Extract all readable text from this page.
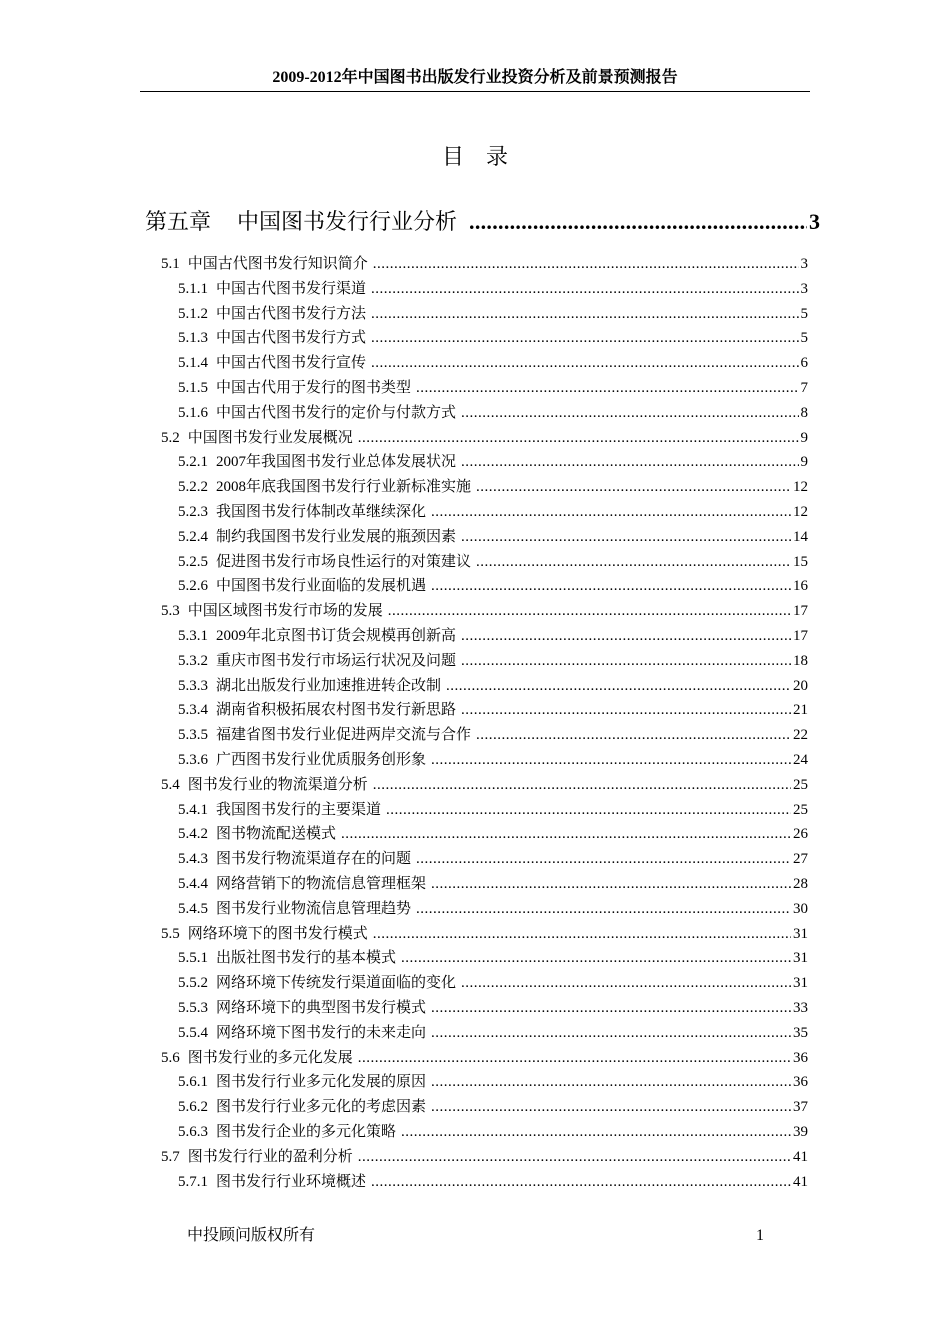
2009-2012年中国图书出版发行业投资分析及前景预测报告
目录
第五章 中国图书发行行业分析 .....	3
5.1 中国古代图书发行知识简介 .....	3
5.1.1 中国古代图书发行渠道 .....	3
5.1.2 中国古代图书发行方法 .....	5
5.1.3 中国古代图书发行方式 .....	5
5.1.4 中国古代图书发行宣传 .....	6
5.1.5 中国古代用于发行的图书类型 .....	7
5.1.6 中国古代图书发行的定价与付款方式 .....	8
5.2 中国图书发行业发展概况 .....	9
5.2.1 2007年我国图书发行业总体发展状况 .....	9
5.2.2 2008年底我国图书发行行业新标准实施 .....	12
5.2.3 我国图书发行体制改革继续深化 .....	12
5.2.4 制约我国图书发行业发展的瓶颈因素 .....	14
5.2.5 促进图书发行市场良性运行的对策建议 .....	15
5.2.6 中国图书发行业面临的发展机遇 .....	16
5.3 中国区域图书发行市场的发展 .....	17
5.3.1 2009年北京图书订货会规模再创新高 .....	17
5.3.2 重庆市图书发行市场运行状况及问题 .....	18
5.3.3 湖北出版发行业加速推进转企改制 .....	20
5.3.4 湖南省积极拓展农村图书发行新思路 .....	21
5.3.5 福建省图书发行业促进两岸交流与合作 .....	22
5.3.6 广西图书发行业优质服务创形象 .....	24
5.4 图书发行业的物流渠道分析 .....	25
5.4.1 我国图书发行的主要渠道 .....	25
5.4.2 图书物流配送模式 .....	26
5.4.3 图书发行物流渠道存在的问题 .....	27
5.4.4 网络营销下的物流信息管理框架 .....	28
5.4.5 图书发行业物流信息管理趋势 .....	30
5.5 网络环境下的图书发行模式 .....	31
5.5.1 出版社图书发行的基本模式 .....	31
5.5.2 网络环境下传统发行渠道面临的变化 .....	31
5.5.3 网络环境下的典型图书发行模式 .....	33
5.5.4 网络环境下图书发行的未来走向 .....	35
5.6 图书发行业的多元化发展 .....	36
5.6.1 图书发行行业多元化发展的原因 .....	36
5.6.2 图书发行行业多元化的考虑因素 .....	37
5.6.3 图书发行企业的多元化策略 .....	39
5.7 图书发行行业的盈利分析 .....	41
5.7.1 图书发行行业环境概述 .....	41
中投顾问版权所有	1
